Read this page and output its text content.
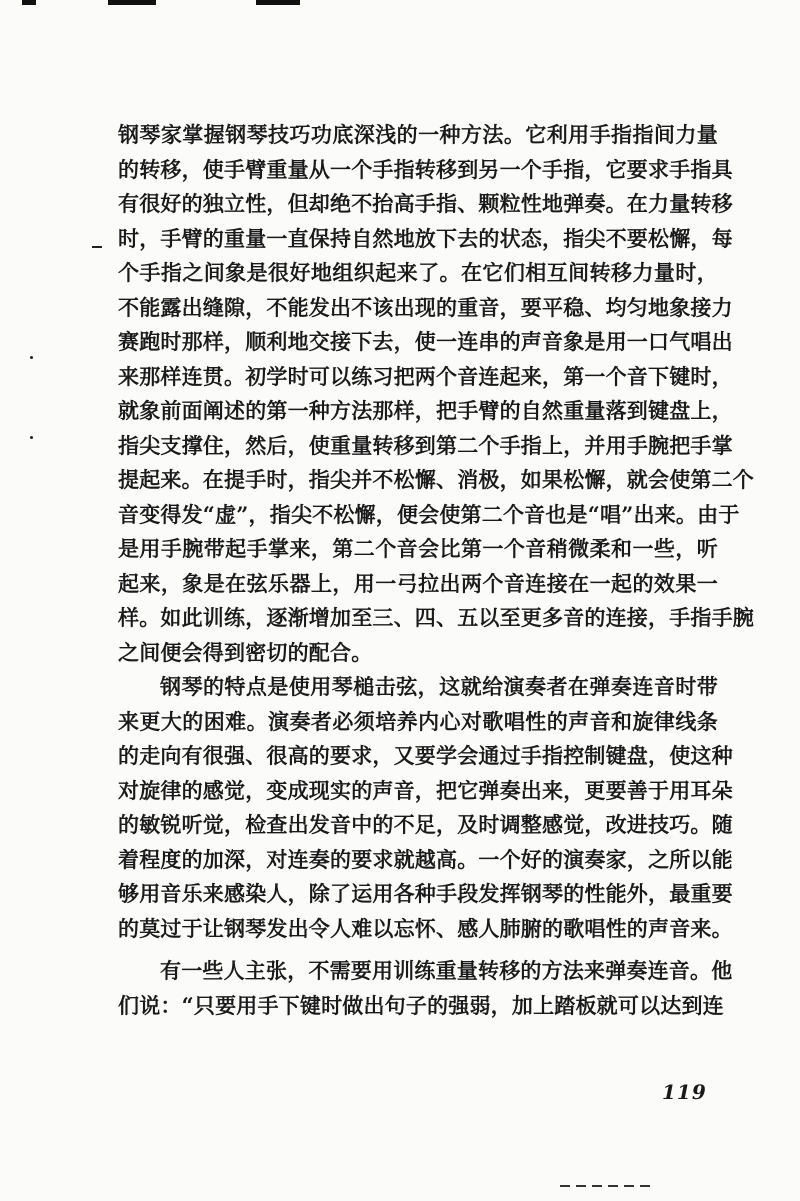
钢琴家掌握钢琴技巧功底深浅的一种方法。它利用手指指间力量
的转移，使手臂重量从一个手指转移到另一个手指，它要求手指具
有很好的独立性，但却绝不抬高手指、颗粒性地弹奏。在力量转移
时，手臂的重量一直保持自然地放下去的状态，指尖不要松懈，每
个手指之间象是很好地组织起来了。在它们相互间转移力量时，
不能露出缝隙，不能发出不该出现的重音，要平稳、均匀地象接力
赛跑时那样，顺利地交接下去，使一连串的声音象是用一口气唱出
来那样连贯。初学时可以练习把两个音连起来，第一个音下键时，
就象前面阐述的第一种方法那样，把手臂的自然重量落到键盘上，
指尖支撑住，然后，使重量转移到第二个手指上，并用手腕把手掌
提起来。在提手时，指尖并不松懈、消极，如果松懈，就会使第二个
音变得发“虚”，指尖不松懈，便会使第二个音也是“唱”出来。由于
是用手腕带起手掌来，第二个音会比第一个音稍微柔和一些，听
起来，象是在弦乐器上，用一弓拉出两个音连接在一起的效果一
样。如此训练，逐渐增加至三、四、五以至更多音的连接，手指手腕
之间便会得到密切的配合。
钢琴的特点是使用琴槌击弦，这就给演奏者在弹奏连音时带
来更大的困难。演奏者必须培养内心对歌唱性的声音和旋律线条
的走向有很强、很高的要求，又要学会通过手指控制键盘，使这种
对旋律的感觉，变成现实的声音，把它弹奏出来，更要善于用耳朵
的敏锐听觉，检查出发音中的不足，及时调整感觉，改进技巧。随
着程度的加深，对连奏的要求就越高。一个好的演奏家，之所以能
够用音乐来感染人，除了运用各种手段发挥钢琴的性能外，最重要
的莫过于让钢琴发出令人难以忘怀、感人肺腑的歌唱性的声音来。
有一些人主张，不需要用训练重量转移的方法来弹奏连音。他
们说：“只要用手下键时做出句子的强弱，加上踏板就可以达到连
119
